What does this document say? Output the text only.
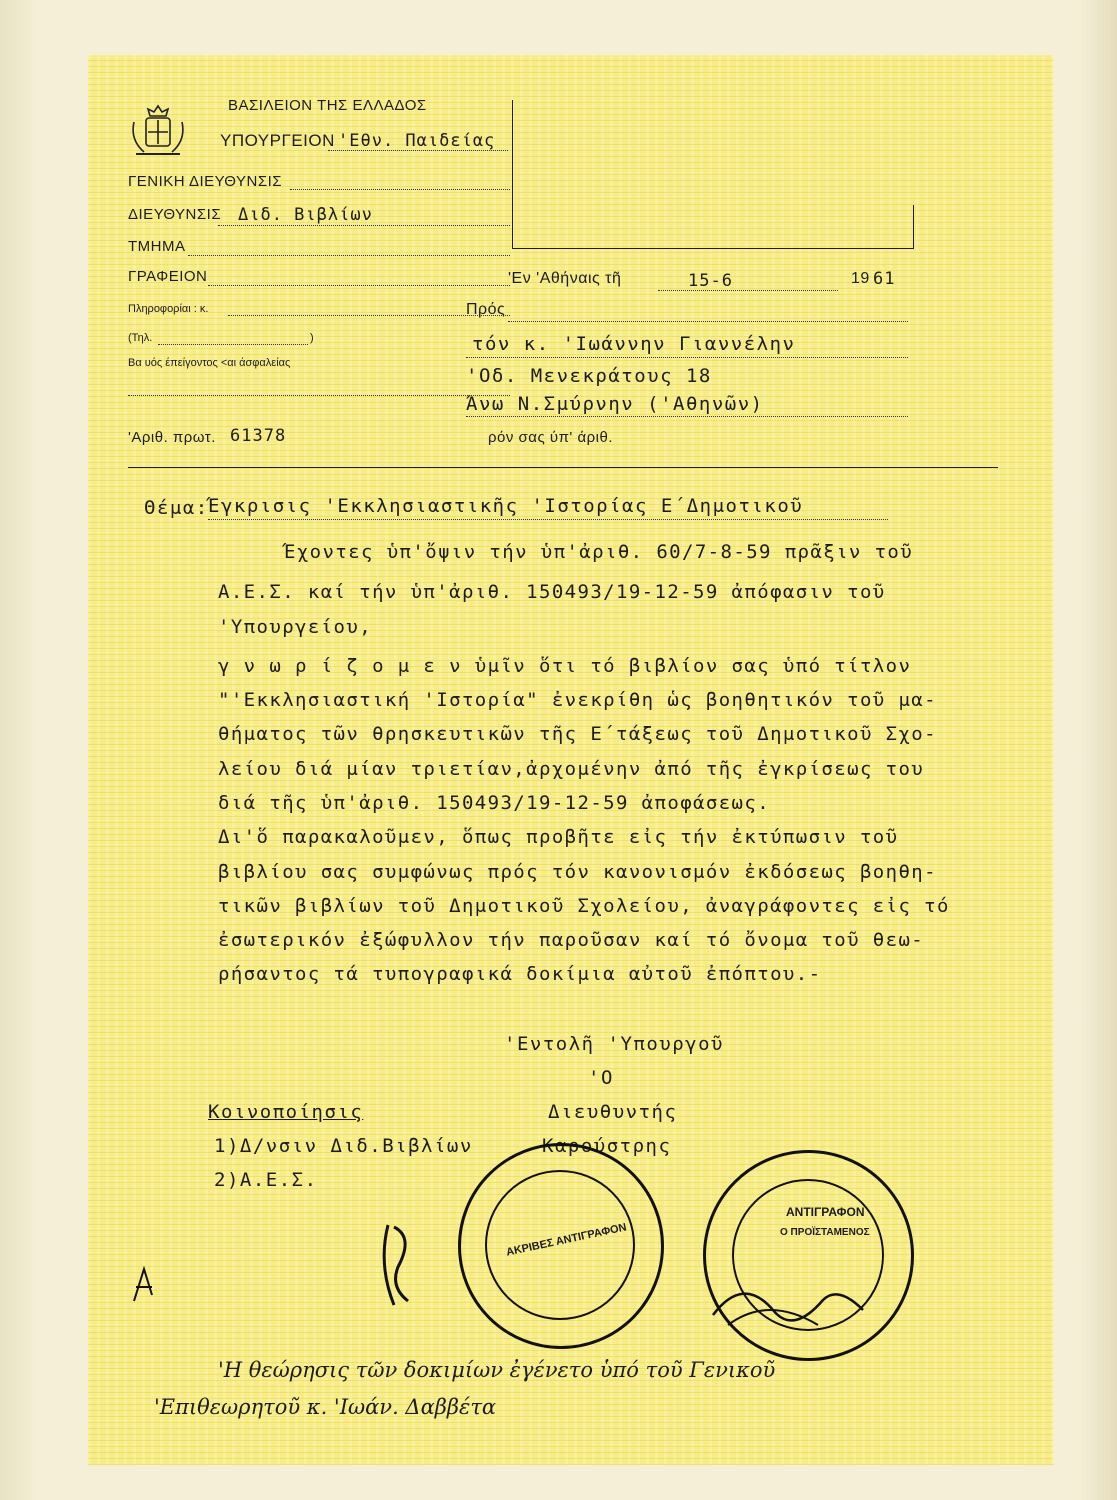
ΒΑΣΙΛΕΙΟΝ ΤΗΣ ΕΛΛΑΔΟΣ
ΥΠΟΥΡΓΕΙΟΝ 'Εθν. Παιδείας
ΓΕΝΙΚΗ ΔΙΕΥΘΥΝΣΙΣ
ΔΙΕΥΘΥΝΣΙΣ Διδ. Βιβλίων
ΤΜΗΜΑ
ΓΡΑΦΕΙΟΝ
Πληροφορίαι : κ.
(Τηλ.	)
Βα υός έπείγοντος <αι άσφαλείας
'Αριθ. πρωτ. 61378	ρόν σας ύπ' άριθ.
'Εν 'Αθήναις τῆ	15-6	19 61
Πρός
τόν κ. 'Ιωάννην Γιαννέλην
'Οδ. Μενεκράτους 18
Άνω Ν.Σμύρνην ('Αθηνῶν)
Θέμα: Έγκρισις 'Εκκλησιαστικῆς 'Ιστορίας Ε΄Δημοτικοῦ
Έχοντες ὑπ'ὄψιν τήν ὑπ'ἀριθ. 60/7-8-59 πρᾶξιν τοῦ
Α.Ε.Σ. καί τήν ὑπ'ἀριθ. 150493/19-12-59 ἀπόφασιν τοῦ
'Υπουργείου,
γ ν ω ρ ί ζ ο μ ε ν ὑμῖν ὅτι τό βιβλίον σας ὑπό τίτλον
"'Εκκλησιαστική 'Ιστορία" ἐνεκρίθη ὡς βοηθητικόν τοῦ μα-
θήματος τῶν θρησκευτικῶν τῆς Ε΄τάξεως τοῦ Δημοτικοῦ Σχο-
λείου διά μίαν τριετίαν,ἀρχομένην ἀπό τῆς ἐγκρίσεως του
διά τῆς ὑπ'ἀριθ. 150493/19-12-59 ἀποφάσεως.
Δι'ὅ παρακαλοῦμεν, ὅπως προβῆτε εἰς τήν ἐκτύπωσιν τοῦ
βιβλίου σας συμφώνως πρός τόν κανονισμόν ἐκδόσεως βοηθη-
τικῶν βιβλίων τοῦ Δημοτικοῦ Σχολείου, ἀναγράφοντες εἰς τό
ἐσωτερικόν ἐξώφυλλον τήν παροῦσαν καί τό ὄνομα τοῦ θεω-
ρήσαντος τά τυπογραφικά δοκίμια αὐτοῦ ἐπόπτου.-
'Εντολῆ 'Υπουργοῦ
'Ο
Διευθυντής
Καρούστρης
Κοινοποίησις
1)Δ/νσιν Διδ.Βιβλίων
2)Α.Ε.Σ.
ΑΚΡΙΒΕΣ ΑΝΤΙΓΡΑΦΟΝ
ΑΝΤΙΓΡΑΦΟΝ
Ο ΠΡΟΪΣΤΑΜΕΝΟΣ
'Η θεώρησις τῶν δοκιμίων ἐγένετο ὑπό τοῦ Γενικοῦ
'Επιθεωρητοῦ κ. 'Ιωάν. Δαββέτα
